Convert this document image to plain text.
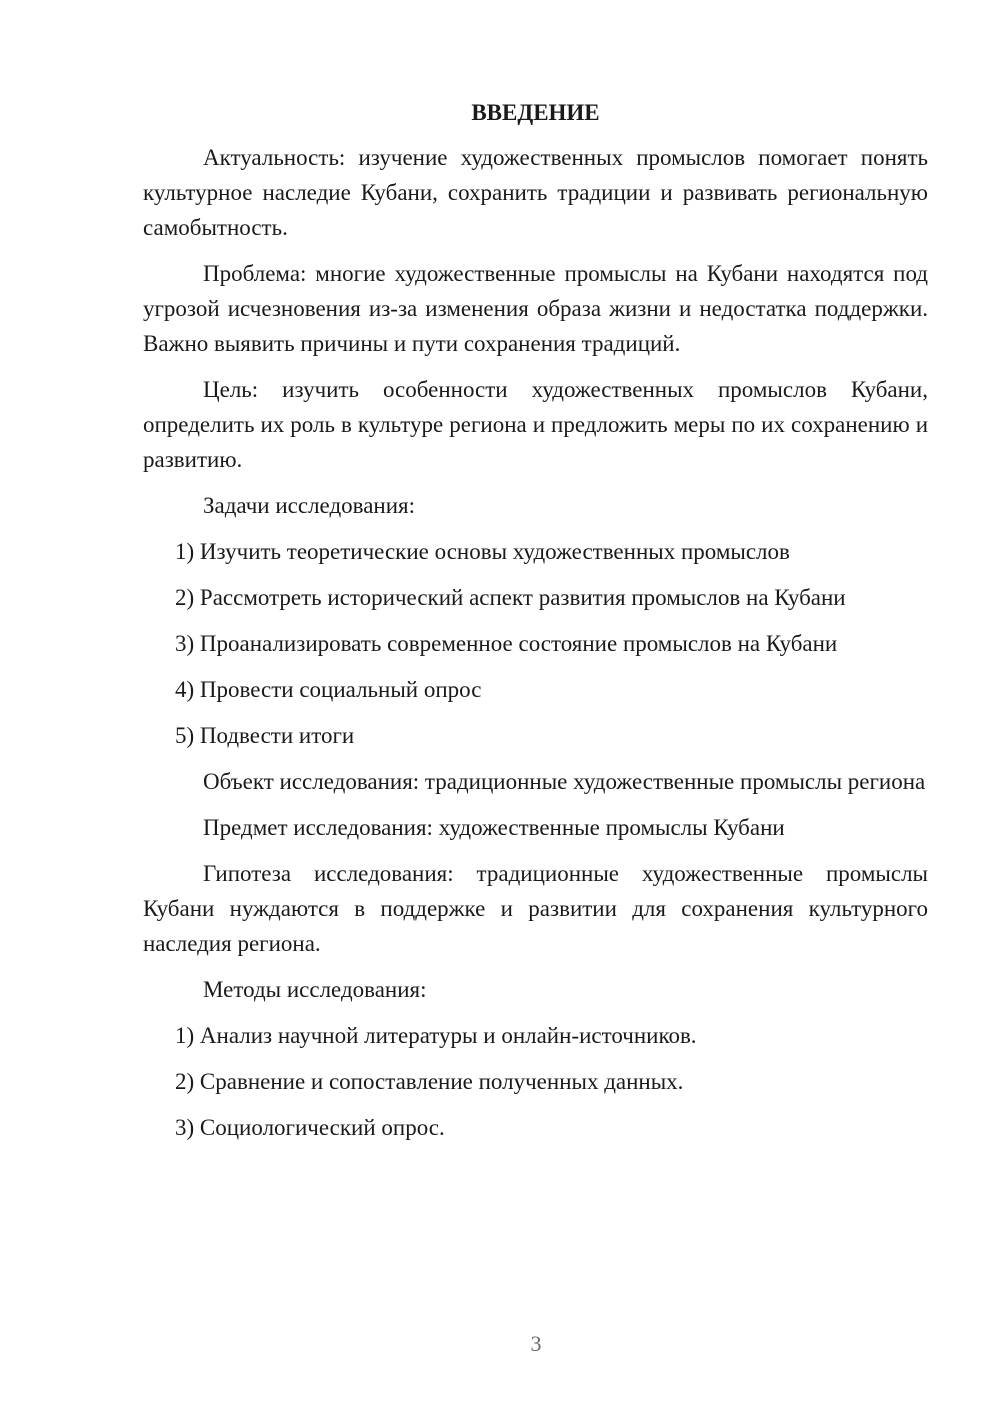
ВВЕДЕНИЕ

Актуальность: изучение художественных промыслов помогает понять культурное наследие Кубани, сохранить традиции и развивать региональную самобытность.

Проблема: многие художественные промыслы на Кубани находятся под угрозой исчезновения из-за изменения образа жизни и недостатка поддержки. Важно выявить причины и пути сохранения традиций.

Цель: изучить особенности художественных промыслов Кубани, определить их роль в культуре региона и предложить меры по их сохранению и развитию.

Задачи исследования:

1) Изучить теоретические основы художественных промыслов
2) Рассмотреть исторический аспект развития промыслов на Кубани
3) Проанализировать современное состояние промыслов на Кубани
4) Провести социальный опрос
5) Подвести итоги

Объект исследования: традиционные художественные промыслы региона

Предмет исследования: художественные промыслы Кубани

Гипотеза исследования: традиционные художественные промыслы Кубани нуждаются в поддержке и развитии для сохранения культурного наследия региона.

Методы исследования:

1) Анализ научной литературы и онлайн-источников.
2) Сравнение и сопоставление полученных данных.
3) Социологический опрос.
3
